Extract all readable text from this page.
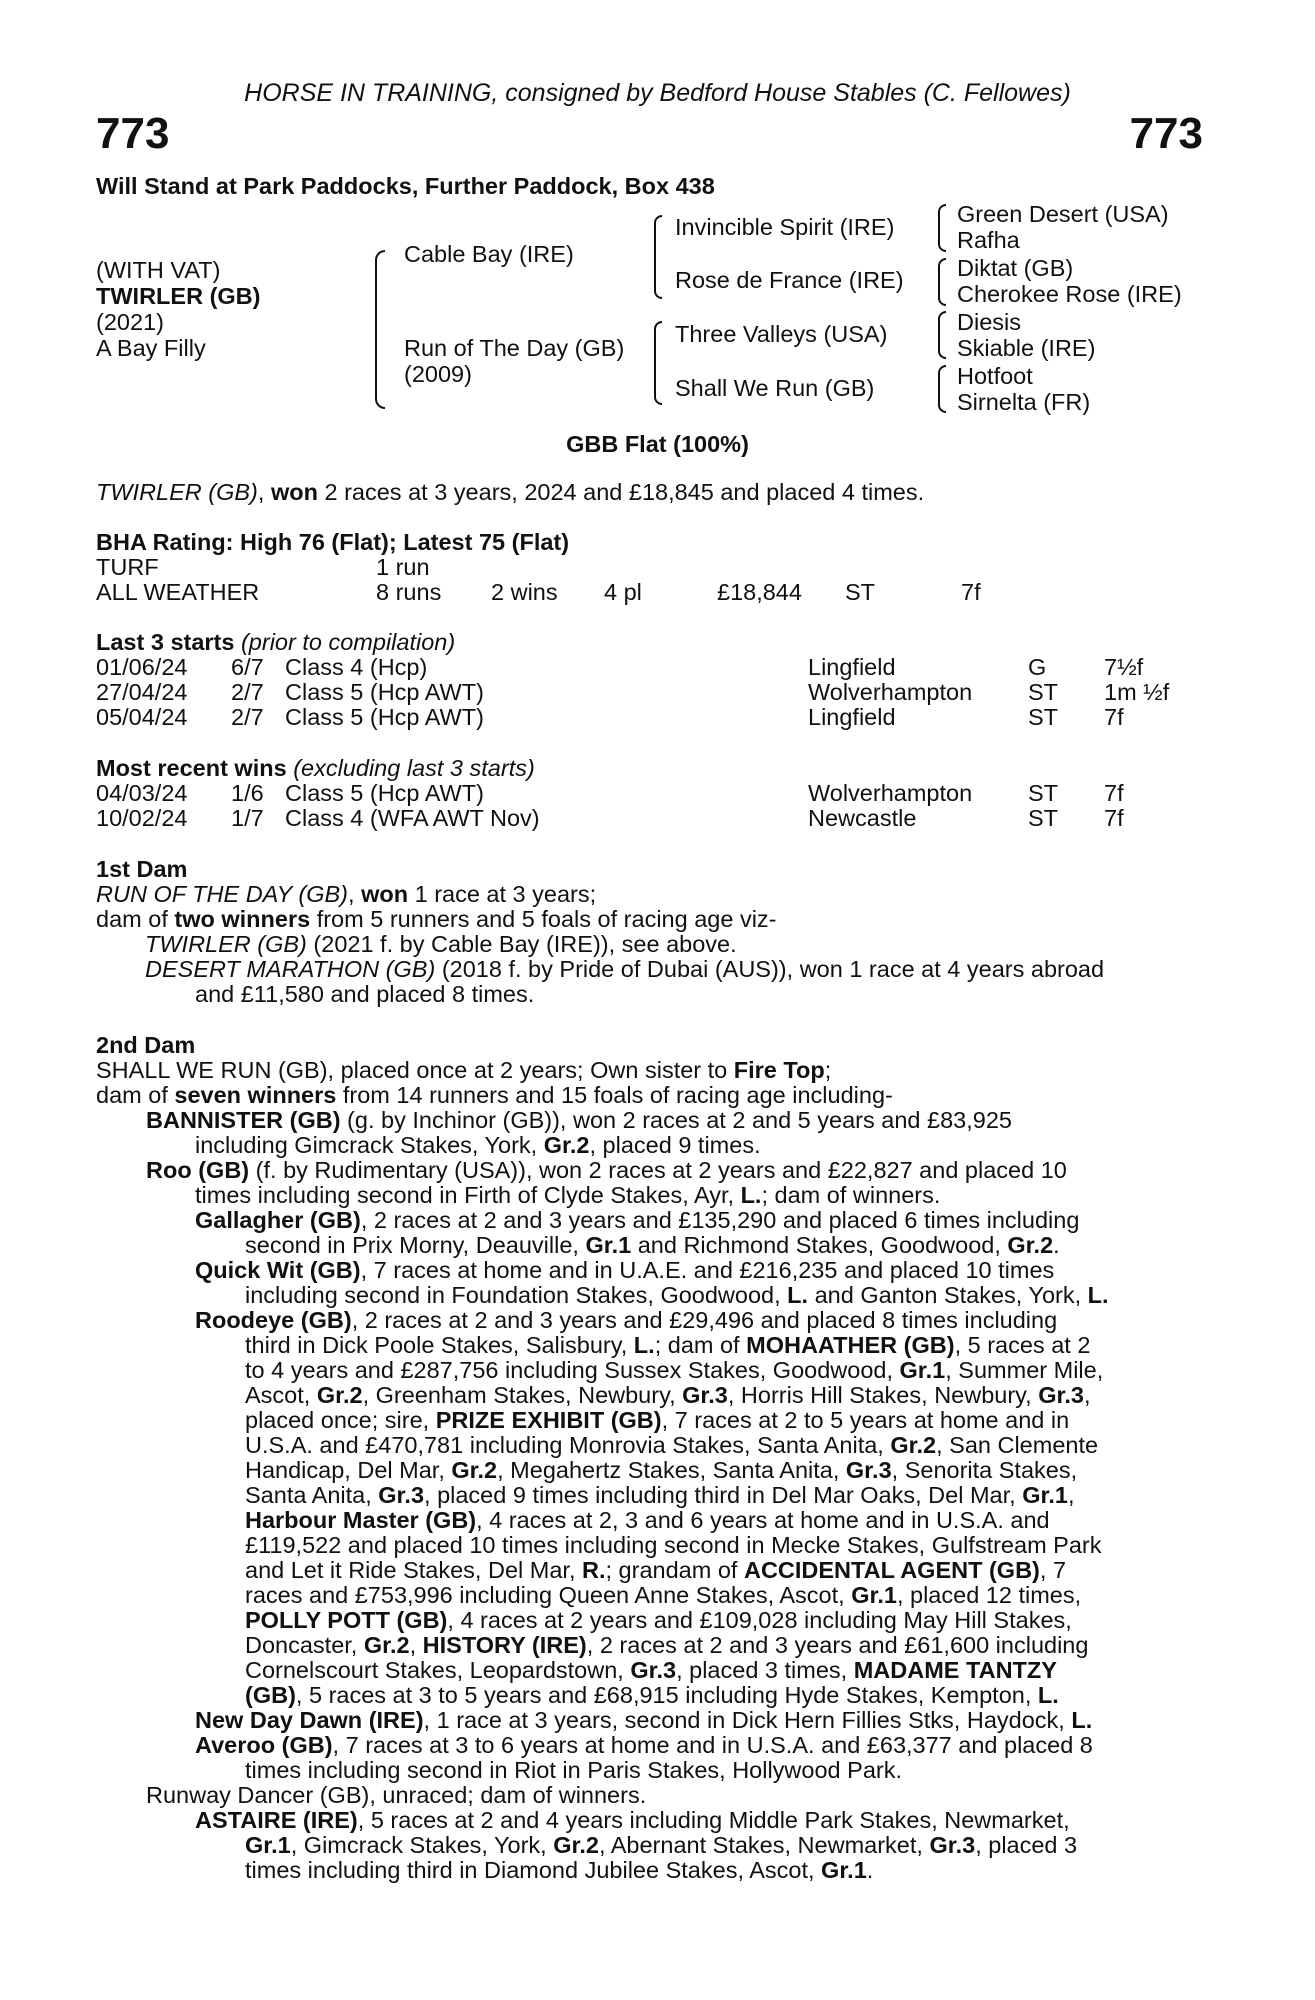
HORSE IN TRAINING, consigned by Bedford House Stables (C. Fellowes)
773	773
Will Stand at Park Paddocks, Further Paddock, Box 438
(WITH VAT)
TWIRLER (GB)
(2021)
A Bay Filly
Cable Bay (IRE)
Run of The Day (GB)
(2009)
Invincible Spirit (IRE)
Rose de France (IRE)
Three Valleys (USA)
Shall We Run (GB)
Green Desert (USA)
Rafha
Diktat (GB)
Cherokee Rose (IRE)
Diesis
Skiable (IRE)
Hotfoot
Sirnelta (FR)
GBB Flat (100%)
TWIRLER (GB), won 2 races at 3 years, 2024 and £18,845 and placed 4 times.
BHA Rating: High 76 (Flat); Latest 75 (Flat)
TURF	1 run
ALL WEATHER	8 runs 2 wins 4 pl	£18,844 ST	7f
Last 3 starts (prior to compilation)
01/06/24 6/7 Class 4 (Hcp)	Lingfield	G 7½f
27/04/24 2/7 Class 5 (Hcp AWT)	Wolverhampton ST 1m ½f
05/04/24 2/7 Class 5 (Hcp AWT)	Lingfield	ST 7f
Most recent wins (excluding last 3 starts)
04/03/24 1/6 Class 5 (Hcp AWT)	Wolverhampton ST 7f
10/02/24 1/7 Class 4 (WFA AWT Nov)	Newcastle	ST 7f
1st Dam
RUN OF THE DAY (GB), won 1 race at 3 years;
dam of two winners from 5 runners and 5 foals of racing age viz-
TWIRLER (GB) (2021 f. by Cable Bay (IRE)), see above.
DESERT MARATHON (GB) (2018 f. by Pride of Dubai (AUS)), won 1 race at 4 years abroad
and £11,580 and placed 8 times.
2nd Dam
SHALL WE RUN (GB), placed once at 2 years; Own sister to Fire Top;
dam of seven winners from 14 runners and 15 foals of racing age including-
BANNISTER (GB) (g. by Inchinor (GB)), won 2 races at 2 and 5 years and £83,925
including Gimcrack Stakes, York, Gr.2, placed 9 times.
Roo (GB) (f. by Rudimentary (USA)), won 2 races at 2 years and £22,827 and placed 10
times including second in Firth of Clyde Stakes, Ayr, L.; dam of winners.
Gallagher (GB), 2 races at 2 and 3 years and £135,290 and placed 6 times including
second in Prix Morny, Deauville, Gr.1 and Richmond Stakes, Goodwood, Gr.2.
Quick Wit (GB), 7 races at home and in U.A.E. and £216,235 and placed 10 times
including second in Foundation Stakes, Goodwood, L. and Ganton Stakes, York, L.
Roodeye (GB), 2 races at 2 and 3 years and £29,496 and placed 8 times including
third in Dick Poole Stakes, Salisbury, L.; dam of MOHAATHER (GB), 5 races at 2
to 4 years and £287,756 including Sussex Stakes, Goodwood, Gr.1, Summer Mile,
Ascot, Gr.2, Greenham Stakes, Newbury, Gr.3, Horris Hill Stakes, Newbury, Gr.3,
placed once; sire, PRIZE EXHIBIT (GB), 7 races at 2 to 5 years at home and in
U.S.A. and £470,781 including Monrovia Stakes, Santa Anita, Gr.2, San Clemente
Handicap, Del Mar, Gr.2, Megahertz Stakes, Santa Anita, Gr.3, Senorita Stakes,
Santa Anita, Gr.3, placed 9 times including third in Del Mar Oaks, Del Mar, Gr.1,
Harbour Master (GB), 4 races at 2, 3 and 6 years at home and in U.S.A. and
£119,522 and placed 10 times including second in Mecke Stakes, Gulfstream Park
and Let it Ride Stakes, Del Mar, R.; grandam of ACCIDENTAL AGENT (GB), 7
races and £753,996 including Queen Anne Stakes, Ascot, Gr.1, placed 12 times,
POLLY POTT (GB), 4 races at 2 years and £109,028 including May Hill Stakes,
Doncaster, Gr.2, HISTORY (IRE), 2 races at 2 and 3 years and £61,600 including
Cornelscourt Stakes, Leopardstown, Gr.3, placed 3 times, MADAME TANTZY
(GB), 5 races at 3 to 5 years and £68,915 including Hyde Stakes, Kempton, L.
New Day Dawn (IRE), 1 race at 3 years, second in Dick Hern Fillies Stks, Haydock, L.
Averoo (GB), 7 races at 3 to 6 years at home and in U.S.A. and £63,377 and placed 8
times including second in Riot in Paris Stakes, Hollywood Park.
Runway Dancer (GB), unraced; dam of winners.
ASTAIRE (IRE), 5 races at 2 and 4 years including Middle Park Stakes, Newmarket,
Gr.1, Gimcrack Stakes, York, Gr.2, Abernant Stakes, Newmarket, Gr.3, placed 3
times including third in Diamond Jubilee Stakes, Ascot, Gr.1.
